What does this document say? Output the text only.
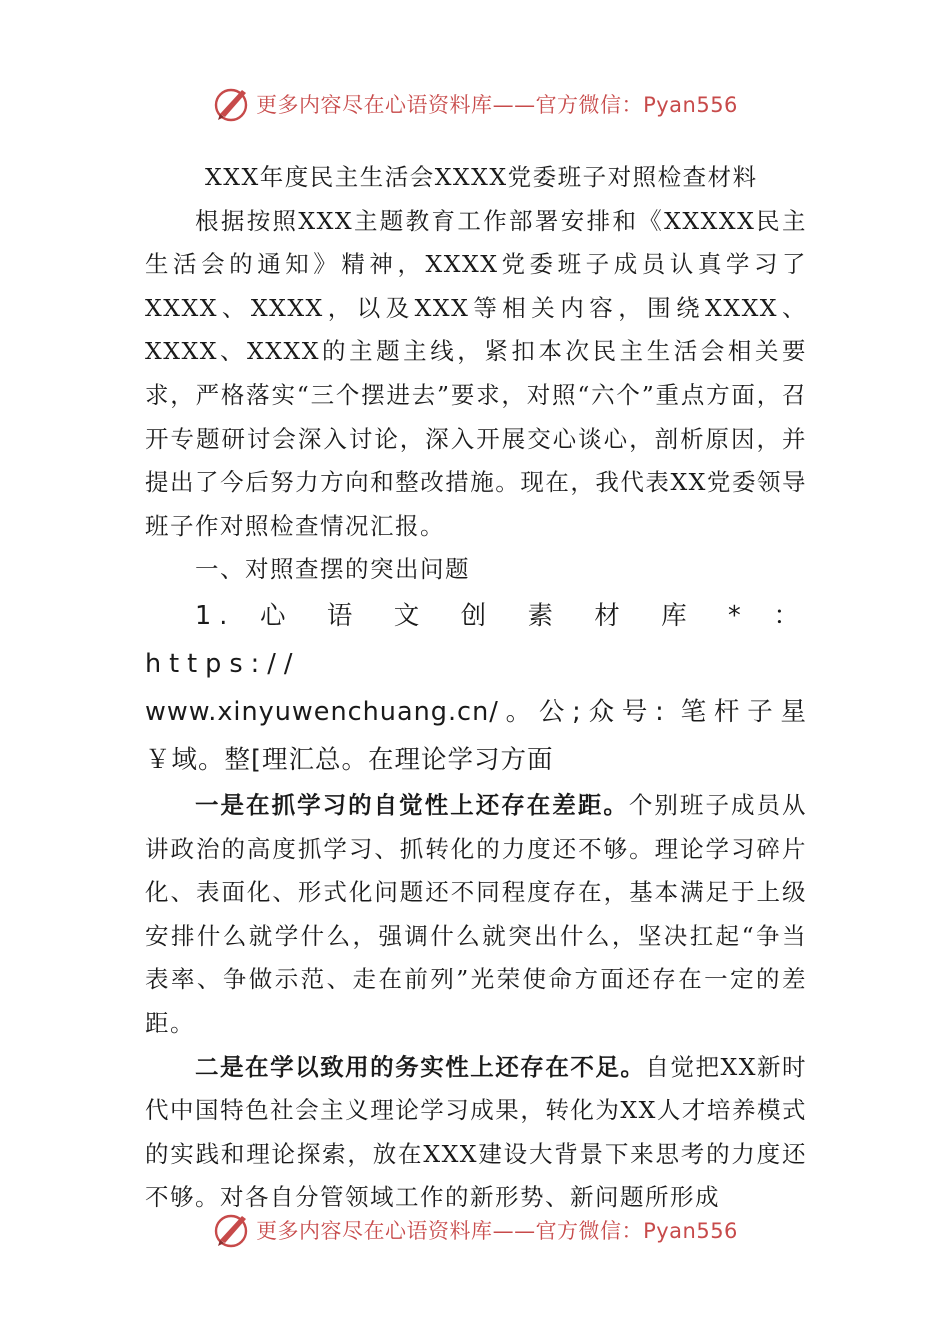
更多内容尽在心语资料库——官方微信：Pyan556

XXX年度民主生活会XXXX党委班子对照检查材料

根据按照XXX主题教育工作部署安排和《XXXXX民主生活会的通知》精神，XXXX党委班子成员认真学习了XXXX、XXXX，以及XXX等相关内容，围绕XXXX、XXXX、XXXX的主题主线，紧扣本次民主生活会相关要求，严格落实“三个摆进去”要求，对照“六个”重点方面，召开专题研讨会深入讨论，深入开展交心谈心，剖析原因，并提出了今后努力方向和整改措施。现在，我代表XX党委领导班子作对照检查情况汇报。

一、对照查摆的突出问题

1. 心 语 文 创 素 材 库 * ： https://
www.xinyuwenchuang.cn/。公;众号: 笔杆子星￥域。整[理汇总。在理论学习方面

一是在抓学习的自觉性上还存在差距。个别班子成员从讲政治的高度抓学习、抓转化的力度还不够。理论学习碎片化、表面化、形式化问题还不同程度存在，基本满足于上级安排什么就学什么，强调什么就突出什么，坚决扛起“争当表率、争做示范、走在前列”光荣使命方面还存在一定的差距。

二是在学以致用的务实性上还存在不足。自觉把XX新时代中国特色社会主义理论学习成果，转化为XX人才培养模式的实践和理论探索，放在XXX建设大背景下来思考的力度还不够。对各自分管领域工作的新形势、新问题所形成

更多内容尽在心语资料库——官方微信：Pyan556
